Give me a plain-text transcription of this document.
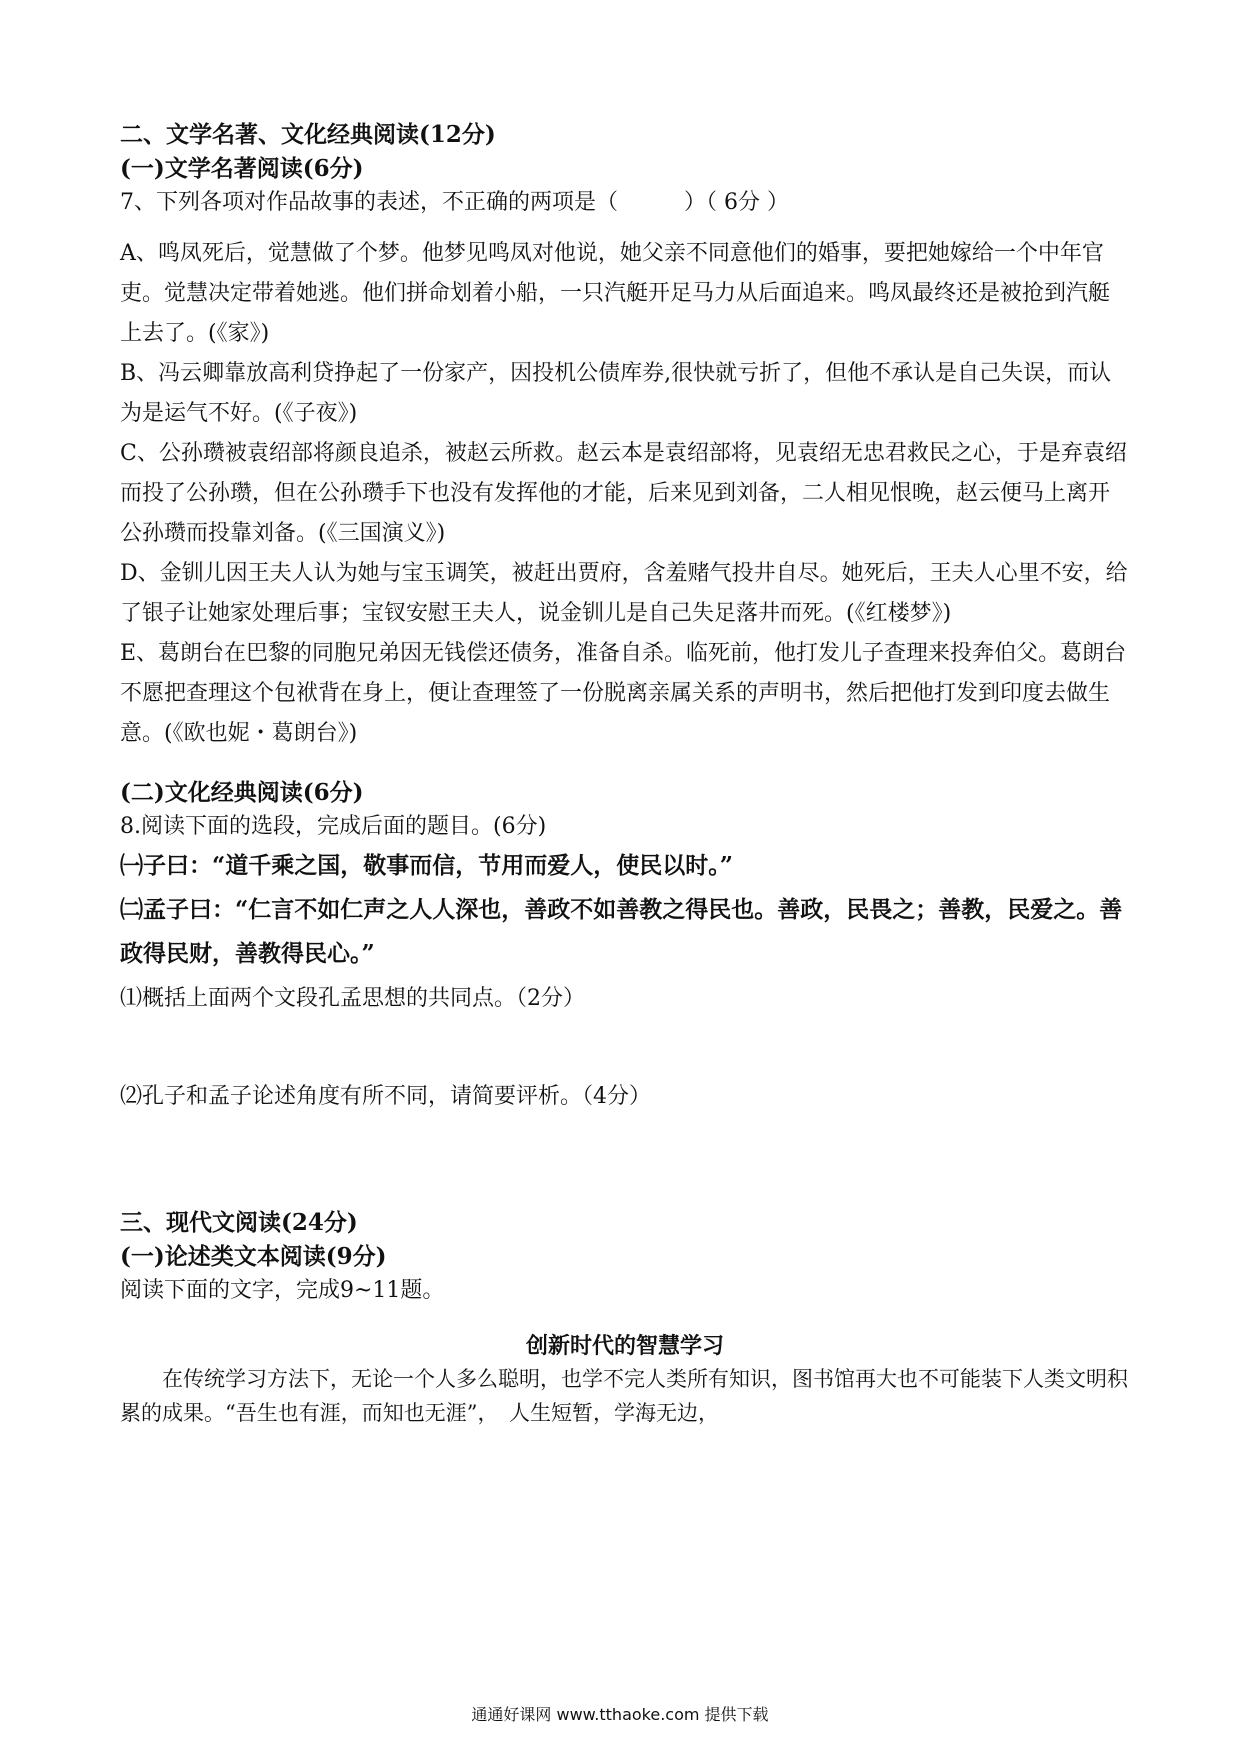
二、文学名著、文化经典阅读(12分)

(一)文学名著阅读(6分)

7、下列各项对作品故事的表述，不正确的两项是（　　　）（ 6分 ）

A、鸣凤死后，觉慧做了个梦。他梦见鸣凤对他说，她父亲不同意他们的婚事，要把她嫁给一个中年官吏。觉慧决定带着她逃。他们拼命划着小船，一只汽艇开足马力从后面追来。鸣凤最终还是被抢到汽艇上去了。(《家》)

B、冯云卿靠放高利贷挣起了一份家产，因投机公债库券,很快就亏折了，但他不承认是自己失误，而认为是运气不好。(《子夜》)

C、公孙瓒被袁绍部将颜良追杀，被赵云所救。赵云本是袁绍部将，见袁绍无忠君救民之心，于是弃袁绍而投了公孙瓒，但在公孙瓒手下也没有发挥他的才能，后来见到刘备，二人相见恨晚，赵云便马上离开公孙瓒而投靠刘备。(《三国演义》)

D、金钏儿因王夫人认为她与宝玉调笑，被赶出贾府，含羞赌气投井自尽。她死后，王夫人心里不安，给了银子让她家处理后事；宝钗安慰王夫人，说金钏儿是自己失足落井而死。(《红楼梦》)

E、葛朗台在巴黎的同胞兄弟因无钱偿还债务，准备自杀。临死前，他打发儿子查理来投奔伯父。葛朗台不愿把查理这个包袱背在身上，便让查理签了一份脱离亲属关系的声明书，然后把他打发到印度去做生意。(《欧也妮・葛朗台》)

(二)文化经典阅读(6分)

8.阅读下面的选段，完成后面的题目。(6分)

㈠子曰：“道千乘之国，敬事而信，节用而爱人，使民以时。”

㈡孟子曰：“仁言不如仁声之人人深也，善政不如善教之得民也。善政，民畏之；善教，民爱之。善政得民财，善教得民心。”

⑴概括上面两个文段孔孟思想的共同点。（2分）

⑵孔子和孟子论述角度有所不同，请简要评析。（4分）

三、现代文阅读(24分)

(一)论述类文本阅读(9分)

阅读下面的文字，完成9~11题。

创新时代的智慧学习

在传统学习方法下，无论一个人多么聪明，也学不完人类所有知识，图书馆再大也不可能装下人类文明积累的成果。“吾生也有涯，而知也无涯”，　人生短暂，学海无边，

通通好课网 www.tthaoke.com 提供下载
